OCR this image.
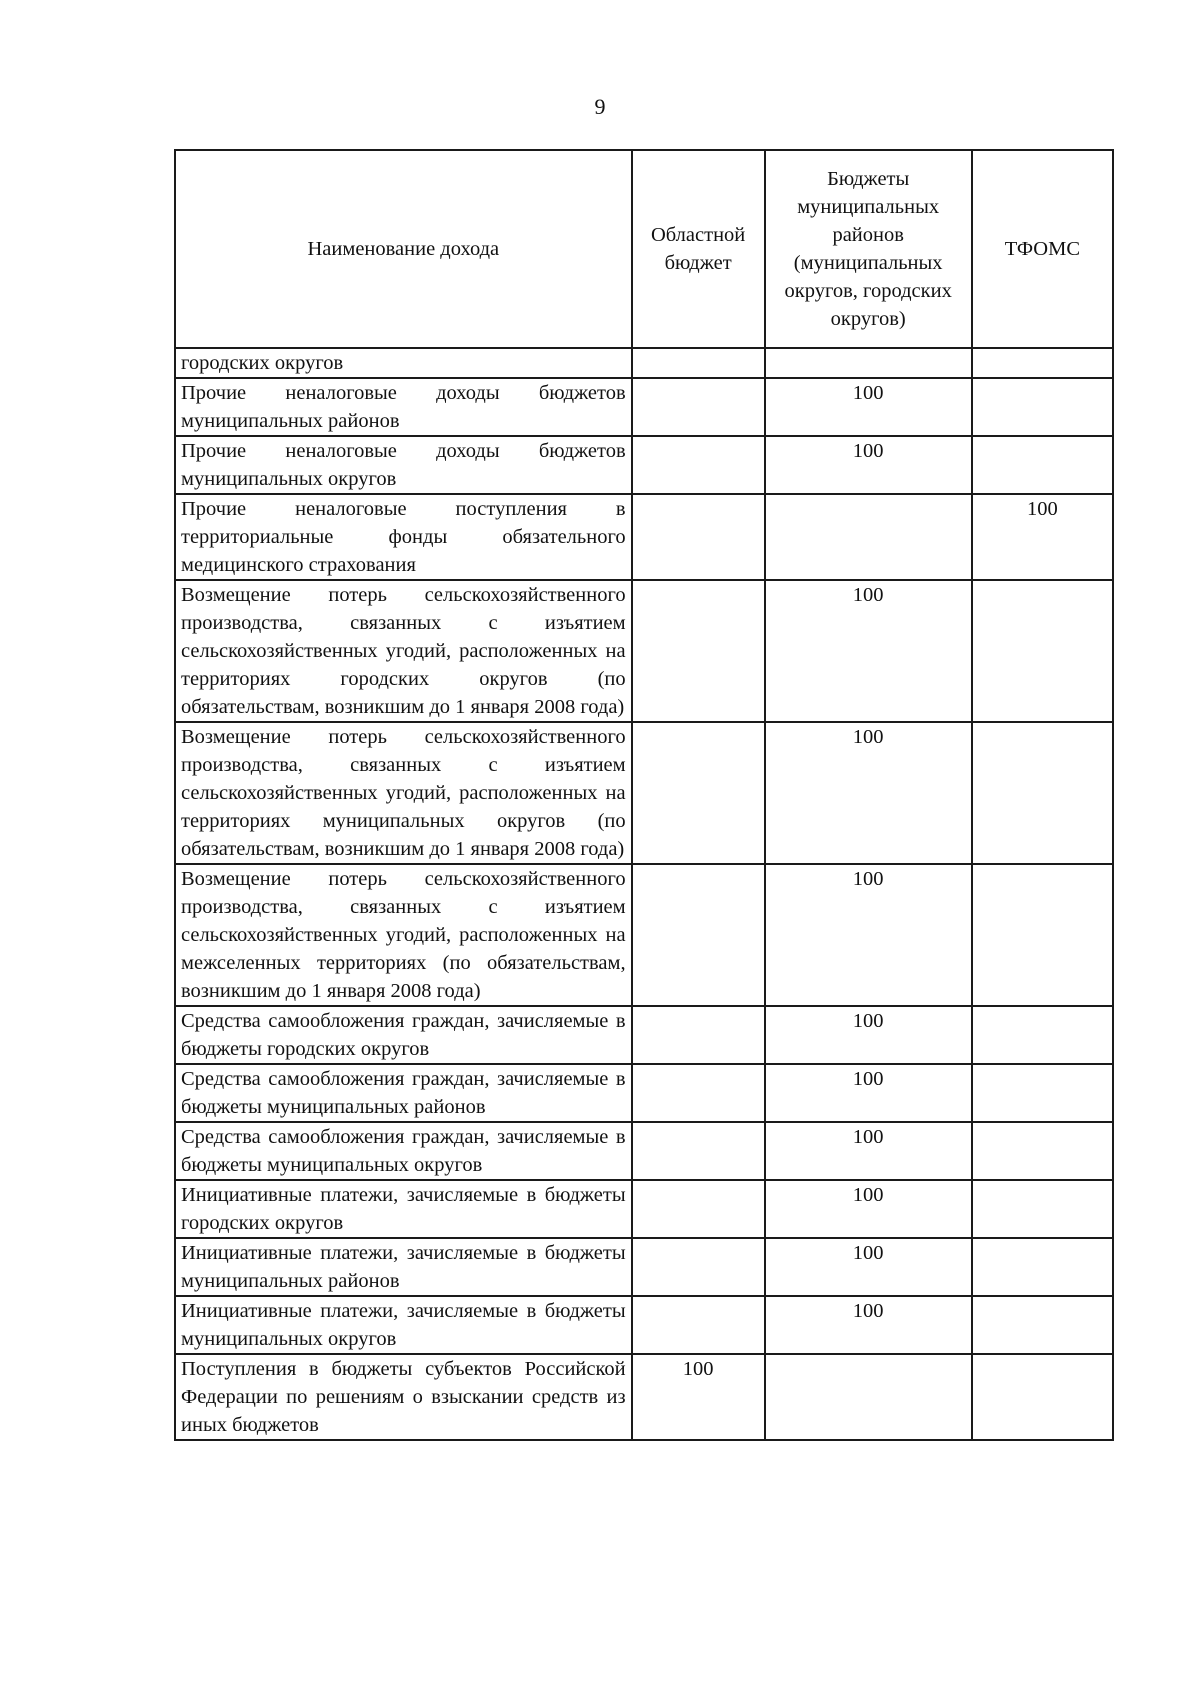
9
Наименование дохода	Областной бюджет	Бюджеты муниципальных районов (муниципальных округов, городских округов)	ТФОМС
городских округов			
Прочие неналоговые доходы бюджетов муниципальных районов		100	
Прочие неналоговые доходы бюджетов муниципальных округов		100	
Прочие неналоговые поступления в территориальные фонды обязательного медицинского страхования			100
Возмещение потерь сельскохозяйственного производства, связанных с изъятием сельскохозяйственных угодий, расположенных на территориях городских округов (по обязательствам, возникшим до 1 января 2008 года)		100	
Возмещение потерь сельскохозяйственного производства, связанных с изъятием сельскохозяйственных угодий, расположенных на территориях муниципальных округов (по обязательствам, возникшим до 1 января 2008 года)		100	
Возмещение потерь сельскохозяйственного производства, связанных с изъятием сельскохозяйственных угодий, расположенных на межселенных территориях (по обязательствам, возникшим до 1 января 2008 года)		100	
Средства самообложения граждан, зачисляемые в бюджеты городских округов		100	
Средства самообложения граждан, зачисляемые в бюджеты муниципальных районов		100	
Средства самообложения граждан, зачисляемые в бюджеты муниципальных округов		100	
Инициативные платежи, зачисляемые в бюджеты городских округов		100	
Инициативные платежи, зачисляемые в бюджеты муниципальных районов		100	
Инициативные платежи, зачисляемые в бюджеты муниципальных округов		100	
Поступления в бюджеты субъектов Российской Федерации по решениям о взыскании средств из иных бюджетов	100		
